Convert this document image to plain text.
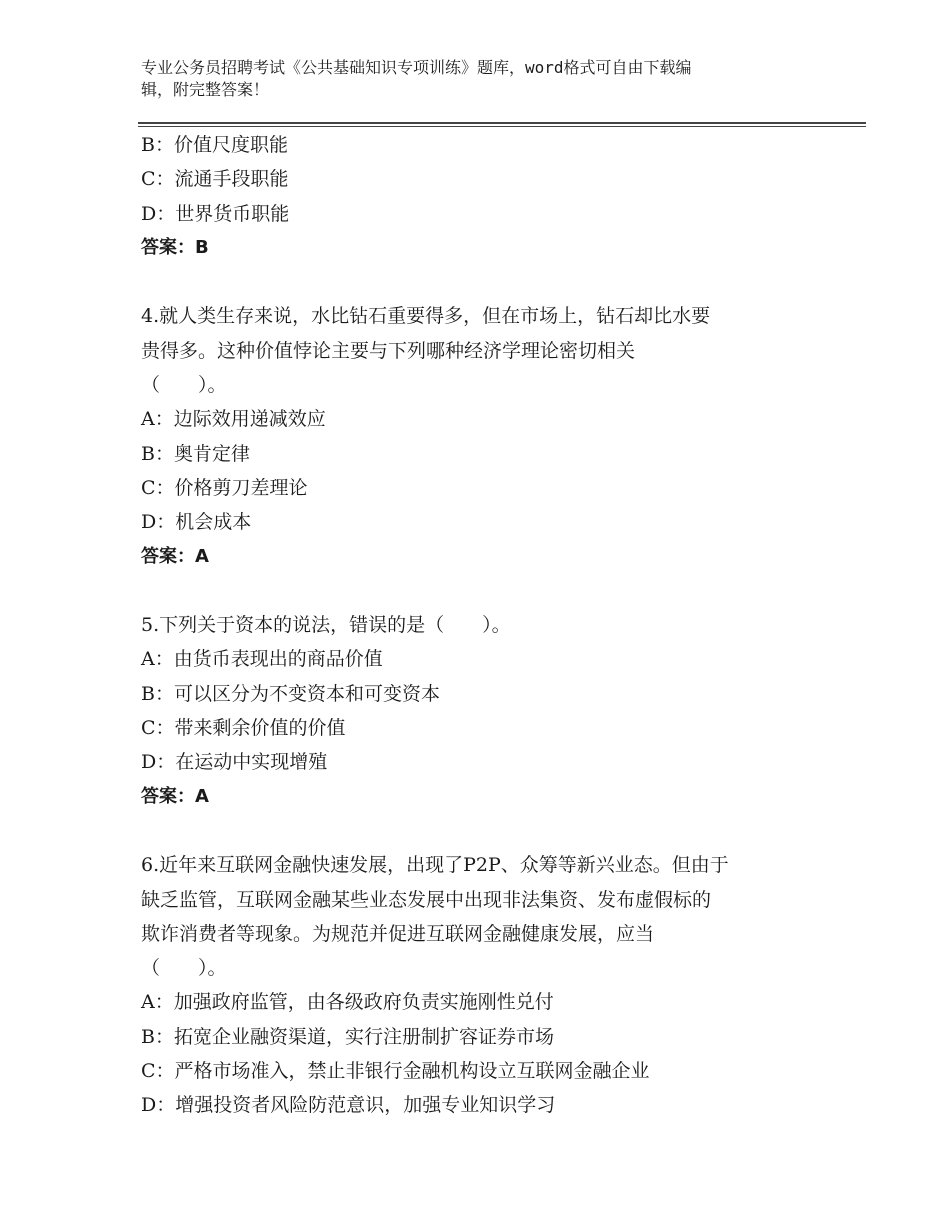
专业公务员招聘考试《公共基础知识专项训练》题库，word格式可自由下载编
辑，附完整答案！
B：价值尺度职能
C：流通手段职能
D：世界货币职能
答案：B
4.就人类生存来说，水比钻石重要得多，但在市场上，钻石却比水要
贵得多。这种价值悖论主要与下列哪种经济学理论密切相关
（　　）。
A：边际效用递减效应
B：奥肯定律
C：价格剪刀差理论
D：机会成本
答案：A
5.下列关于资本的说法，错误的是（　　）。
A：由货币表现出的商品价值
B：可以区分为不变资本和可变资本
C：带来剩余价值的价值
D：在运动中实现增殖
答案：A
6.近年来互联网金融快速发展，出现了P2P、众筹等新兴业态。但由于
缺乏监管，互联网金融某些业态发展中出现非法集资、发布虚假标的
欺诈消费者等现象。为规范并促进互联网金融健康发展，应当
（　　）。
A：加强政府监管，由各级政府负责实施刚性兑付
B：拓宽企业融资渠道，实行注册制扩容证券市场
C：严格市场准入，禁止非银行金融机构设立互联网金融企业
D：增强投资者风险防范意识，加强专业知识学习
